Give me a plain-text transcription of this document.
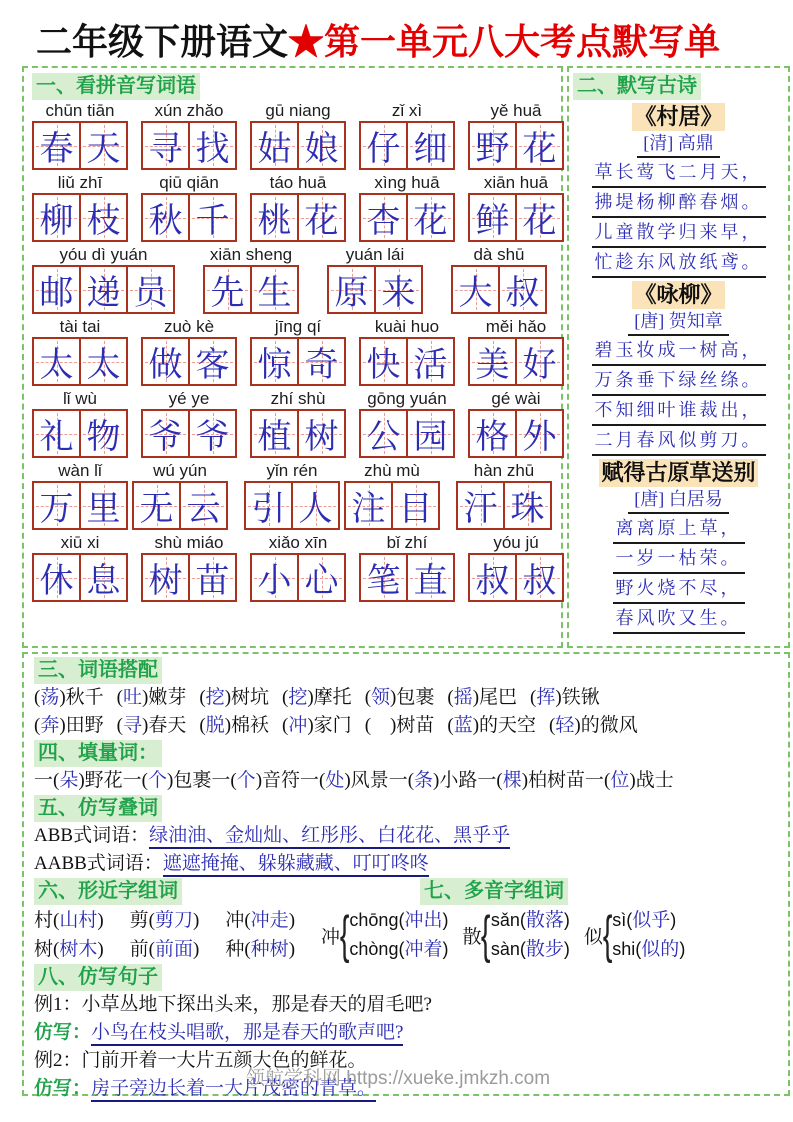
二年级下册语文★第一单元八大考点默写单
一、看拼音写词语
chūn tiān
春 天
xún zhǎo
寻 找
gū niang
姑 娘
zǐ xì
仔 细
yě huā
野 花
liǔ zhī
柳 枝
qiū qiān
秋 千
táo huā
桃 花
xìng huā
杏 花
xiān huā
鲜 花
yóu dì yuán
邮 递 员
xiān sheng
先 生
yuán lái
原 来
dà shū
大 叔
tài tai
太 太
zuò kè
做 客
jīng qí
惊 奇
kuài huo
快 活
měi hǎo
美 好
lǐ wù
礼 物
yé ye
爷 爷
zhí shù
植 树
gōng yuán
公 园
gé wài
格 外
wàn lǐ
万 里
wú yún
无 云
yǐn rén
引 人
zhù mù
注 目
hàn zhū
汗 珠
xiū xi
休 息
shù miáo
树 苗
xiǎo xīn
小 心
bǐ zhí
笔 直
yóu jú
叔 叔
二、默写古诗
《村居》
[清] 高鼎
草长莺飞二月天，
拂堤杨柳醉春烟。
儿童散学归来早，
忙趁东风放纸鸢。
《咏柳》
[唐] 贺知章
碧玉妆成一树高，
万条垂下绿丝绦。
不知细叶谁裁出，
二月春风似剪刀。
赋得古原草送别
[唐] 白居易
离离原上草，
一岁一枯荣。
野火烧不尽，
春风吹又生。
三、词语搭配
(荡)秋千 (吐)嫩芽 (挖)树坑 (挖)摩托 (领)包裹 (摇)尾巴 (挥)铁锹
(奔)田野 (寻)春天 (脱)棉袄 (冲)家门 (　 )树苗 (蓝)的天空 (轻)的微风
四、填量词：
一(朵)野花一(个)包裹一(个)音符一(处)风景一(条)小路一(棵)柏树苗一(位)战士
五、仿写叠词
ABB式词语：绿油油、金灿灿、红彤彤、白花花、黑乎乎
AABB式词语：遮遮掩掩、躲躲藏藏、叮叮咚咚
六、形近字组词	七、多音字组词
村(山村)
树(树木)
剪(剪刀)
前(前面)
冲(冲走)
种(种树)
冲 { chōng(冲出)
chòng(冲着)
散 { sǎn(散落)
sàn(散步)
似 { sì(似乎)
shi(似的)
八、仿写句子
例1：小草丛地下探出头来，那是春天的眉毛吧?
仿写：小鸟在枝头唱歌，那是春天的歌声吧?
例2：门前开着一大片五颜大色的鲜花。
仿写：房子旁边长着一大片茂密的青草。
领航学科网 https://xueke.jmkzh.com
